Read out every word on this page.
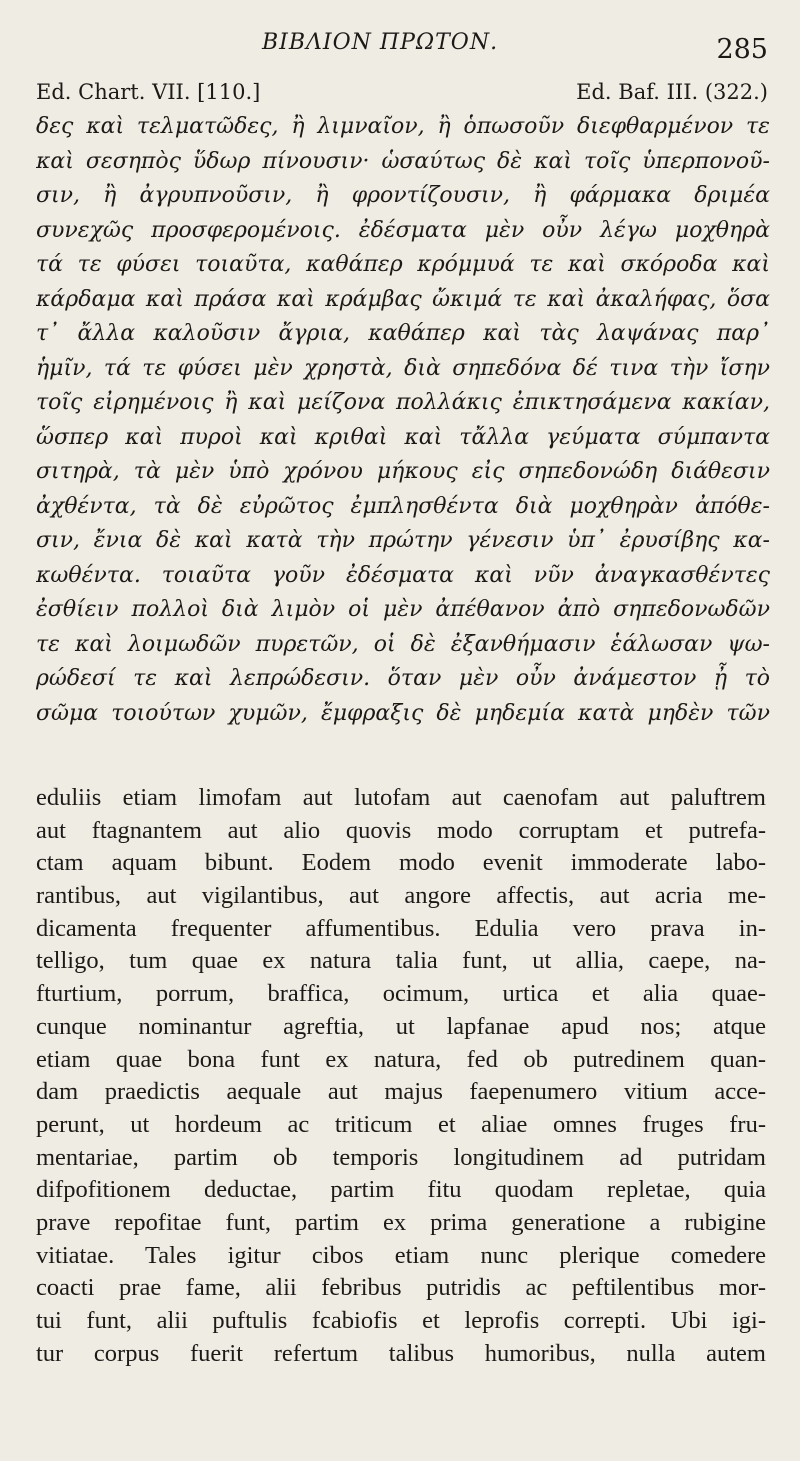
BIBΛΙΟΝ ΠΡΩΤΟΝ.	285
Ed. Chart. VII. [110.]	Ed. Baf. III. (322.)
δες καὶ τελματῶδες, ἢ λιμναῖον, ἢ ὁπωσοῦν διεφθαρμένον τε
καὶ σεσηπὸς ὕδωρ πίνουσιν· ὡσαύτως δὲ καὶ τοῖς ὑπερπονοῦ-
σιν, ἢ ἀγρυπνοῦσιν, ἢ φροντίζουσιν, ἢ φάρμακα δριμέα
συνεχῶς προσφερομένοις. ἐδέσματα μὲν οὖν λέγω μοχθηρὰ
τά τε φύσει τοιαῦτα, καθάπερ κρόμμυά τε καὶ σκόροδα καὶ
κάρδαμα καὶ πράσα καὶ κράμβας ὤκιμά τε καὶ ἀκαλήφας, ὅσα
τ᾽ ἄλλα καλοῦσιν ἄγρια, καθάπερ καὶ τὰς λαψάνας παρ᾽
ἡμῖν, τά τε φύσει μὲν χρηστὰ, διὰ σηπεδόνα δέ τινα τὴν ἴσην
τοῖς εἰρημένοις ἢ καὶ μείζονα πολλάκις ἐπικτησάμενα κακίαν,
ὥσπερ καὶ πυροὶ καὶ κριθαὶ καὶ τἄλλα γεύματα σύμπαντα
σιτηρὰ, τὰ μὲν ὑπὸ χρόνου μήκους εἰς σηπεδονώδη διάθεσιν
ἀχθέντα, τὰ δὲ εὐρῶτος ἐμπλησθέντα διὰ μοχθηρὰν ἀπόθε-
σιν, ἔνια δὲ καὶ κατὰ τὴν πρώτην γένεσιν ὑπ᾽ ἐρυσίβης κα-
κωθέντα. τοιαῦτα γοῦν ἐδέσματα καὶ νῦν ἀναγκασθέντες
ἐσθίειν πολλοὶ διὰ λιμὸν οἱ μὲν ἀπέθανον ἀπὸ σηπεδονωδῶν
τε καὶ λοιμωδῶν πυρετῶν, οἱ δὲ ἐξανθήμασιν ἑάλωσαν ψω-
ρώδεσί τε καὶ λεπρώδεσιν. ὅταν μὲν οὖν ἀνάμεστον ᾖ τὸ
σῶμα τοιούτων χυμῶν, ἔμφραξις δὲ μηδεμία κατὰ μηδὲν τῶν
eduliis etiam limofam aut lutofam aut caenofam aut paluftrem
aut ftagnantem aut alio quovis modo corruptam et putrefa-
ctam aquam bibunt. Eodem modo evenit immoderate labo-
rantibus, aut vigilantibus, aut angore affectis, aut acria me-
dicamenta frequenter affumentibus. Edulia vero prava in-
telligo, tum quae ex natura talia funt, ut allia, caepe, na-
fturtium, porrum, braffica, ocimum, urtica et alia quae-
cunque nominantur agreftia, ut lapfanae apud nos; atque
etiam quae bona funt ex natura, fed ob putredinem quan-
dam praedictis aequale aut majus faepenumero vitium acce-
perunt, ut hordeum ac triticum et aliae omnes fruges fru-
mentariae, partim ob temporis longitudinem ad putridam
difpofitionem deductae, partim fitu quodam repletae, quia
prave repofitae funt, partim ex prima generatione a rubigine
vitiatae. Tales igitur cibos etiam nunc plerique comedere
coacti prae fame, alii febribus putridis ac peftilentibus mor-
tui funt, alii puftulis fcabiofis et leprofis correpti. Ubi igi-
tur corpus fuerit refertum talibus humoribus, nulla autem
